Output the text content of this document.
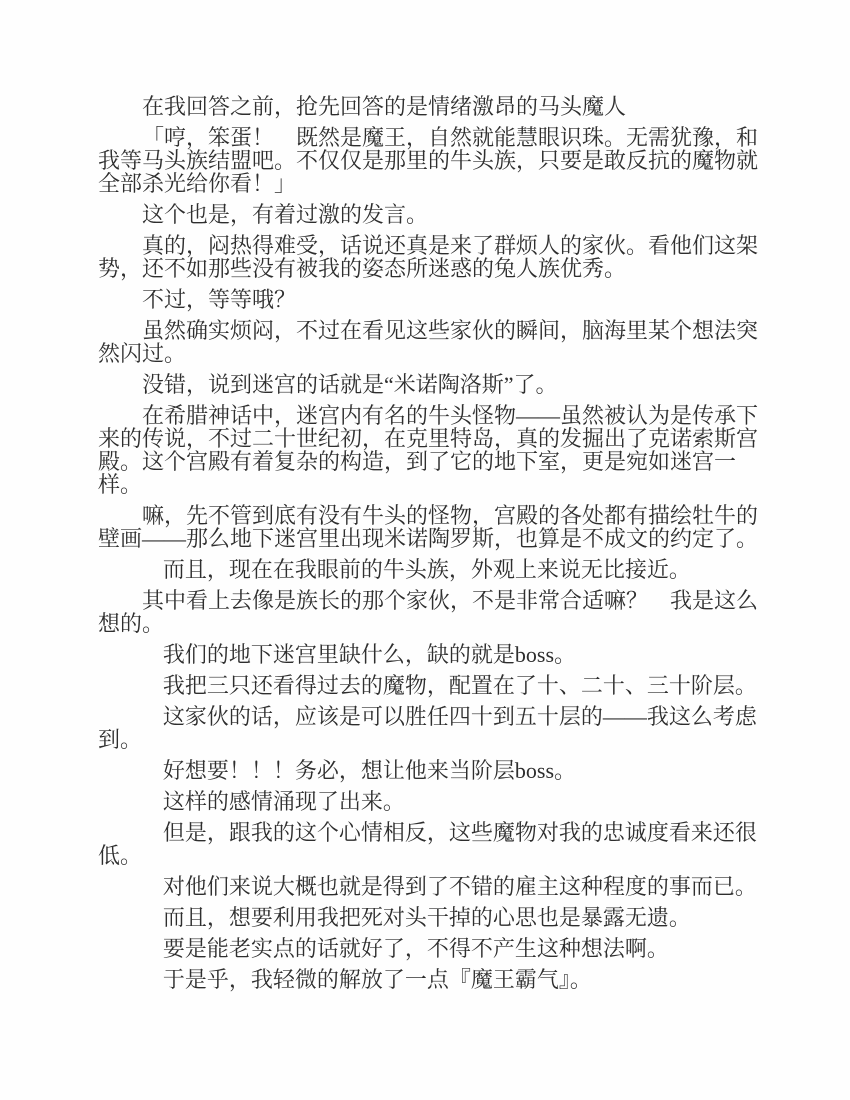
在我回答之前，抢先回答的是情绪激昂的马头魔人

「哼，笨蛋！　既然是魔王，自然就能慧眼识珠。无需犹豫，和我等马头族结盟吧。不仅仅是那里的牛头族，只要是敢反抗的魔物就全部杀光给你看！」

这个也是，有着过激的发言。

真的，闷热得难受，话说还真是来了群烦人的家伙。看他们这架势，还不如那些没有被我的姿态所迷惑的兔人族优秀。

不过，等等哦？

虽然确实烦闷，不过在看见这些家伙的瞬间，脑海里某个想法突然闪过。

没错，说到迷宫的话就是“米诺陶洛斯”了。

在希腊神话中，迷宫内有名的牛头怪物——虽然被认为是传承下来的传说，不过二十世纪初，在克里特岛，真的发掘出了克诺索斯宫殿。这个宫殿有着复杂的构造，到了它的地下室，更是宛如迷宫一样。

嘛，先不管到底有没有牛头的怪物，宫殿的各处都有描绘牡牛的壁画——那么地下迷宫里出现米诺陶罗斯，也算是不成文的约定了。

而且，现在在我眼前的牛头族，外观上来说无比接近。

其中看上去像是族长的那个家伙，不是非常合适嘛？　我是这么想的。

我们的地下迷宫里缺什么，缺的就是boss。

我把三只还看得过去的魔物，配置在了十、二十、三十阶层。

这家伙的话，应该是可以胜任四十到五十层的——我这么考虑到。

好想要！！！务必，想让他来当阶层boss。

这样的感情涌现了出来。

但是，跟我的这个心情相反，这些魔物对我的忠诚度看来还很低。

对他们来说大概也就是得到了不错的雇主这种程度的事而已。

而且，想要利用我把死对头干掉的心思也是暴露无遗。

要是能老实点的话就好了，不得不产生这种想法啊。

于是乎，我轻微的解放了一点『魔王霸气』。
